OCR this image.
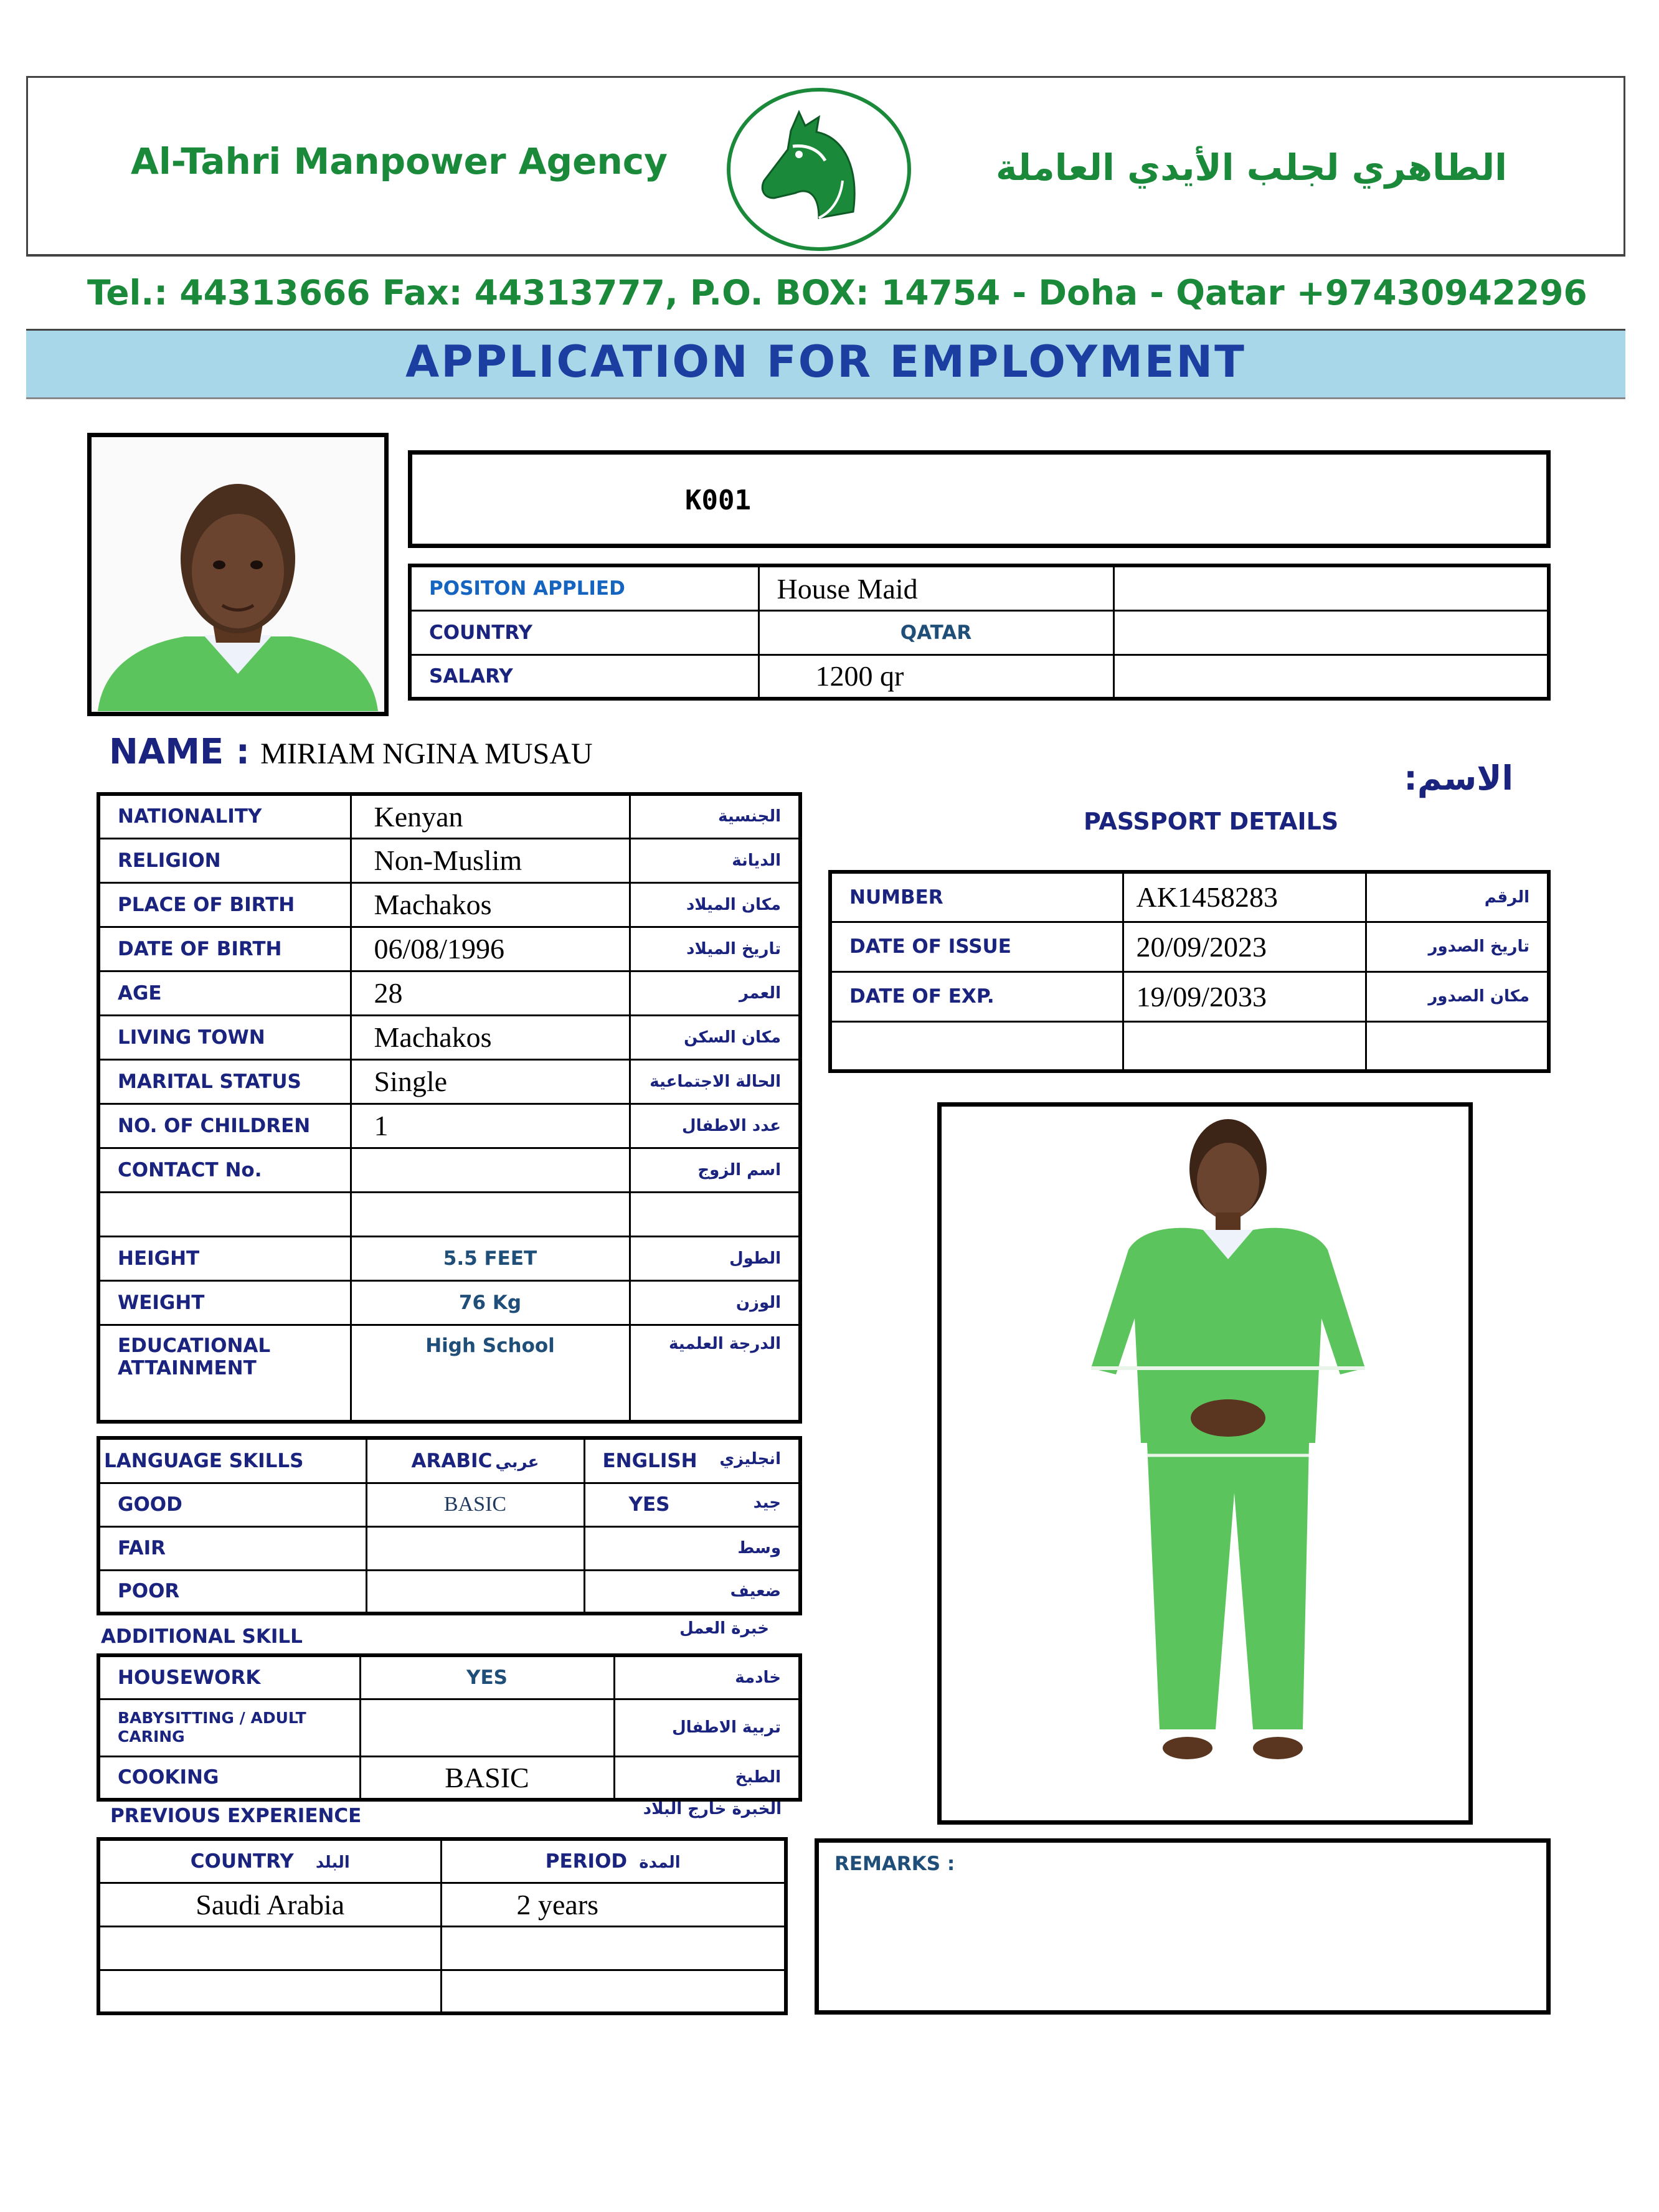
Al-Tahri Manpower Agency	الطاهري لجلب الأيدي العاملة
Tel.: 44313666 Fax: 44313777, P.O. BOX: 14754 - Doha - Qatar +97430942296
APPLICATION FOR EMPLOYMENT
K001
POSITON APPLIED	House Maid	
COUNTRY	QATAR	
SALARY	1200 qr	
NAME : MIRIAM NGINA MUSAU
الاسم:
NATIONALITY	Kenyan	الجنسية
RELIGION	Non-Muslim	الديانة
PLACE OF BIRTH	Machakos	مكان الميلاد
DATE OF BIRTH	06/08/1996	تاريخ الميلاد
AGE	28	العمر
LIVING TOWN	Machakos	مكان السكن
MARITAL STATUS	Single	الحالة الاجتماعية
NO. OF CHILDREN	1	عدد الاطفال
CONTACT No.		اسم الزوج

HEIGHT	5.5 FEET	الطول
WEIGHT	76 Kg	الوزن
EDUCATIONAL ATTAINMENT	High School	الدرجة العلمية
PASSPORT DETAILS
NUMBER	AK1458283	الرقم
DATE OF ISSUE	20/09/2023	تاريخ الصدور
DATE OF EXP.	19/09/2033	مكان الصدور

LANGUAGE SKILLS	ARABIC عربي	ENGLISH انجليزي

GOOD	BASIC	YES جيد

FAIR		وسط

POOR		ضعيف
ADDITIONAL SKILL	خبرة العمل
HOUSEWORK	YES	خادمة
BABYSITTING / ADULT CARING		تربية الاطفال
COOKING	BASIC	الطبخ
PREVIOUS EXPERIENCE	الخبرة خارج البلاد
COUNTRY البلد	PERIOD المدة
Saudi Arabia	2 years

REMARKS :
